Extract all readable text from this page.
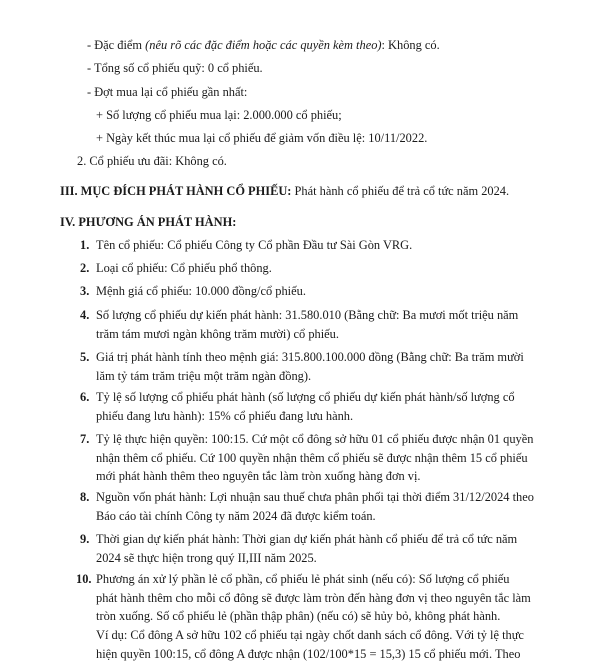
- Đặc điểm (nêu rõ các đặc điểm hoặc các quyền kèm theo): Không có.
- Tổng số cổ phiếu quỹ: 0 cổ phiếu.
- Đợt mua lại cổ phiếu gần nhất:
+ Số lượng cổ phiếu mua lại: 2.000.000 cổ phiếu;
+ Ngày kết thúc mua lại cổ phiếu để giảm vốn điều lệ: 10/11/2022.
2. Cổ phiếu ưu đãi: Không có.
III. MỤC ĐÍCH PHÁT HÀNH CỔ PHIẾU: Phát hành cổ phiếu để trả cổ tức năm 2024.
IV. PHƯƠNG ÁN PHÁT HÀNH:
1. Tên cổ phiếu: Cổ phiếu Công ty Cổ phần Đầu tư Sài Gòn VRG.
2. Loại cổ phiếu: Cổ phiếu phổ thông.
3. Mệnh giá cổ phiếu: 10.000 đồng/cổ phiếu.
4. Số lượng cổ phiếu dự kiến phát hành: 31.580.010 (Bằng chữ: Ba mươi mốt triệu năm
trăm tám mươi ngàn không trăm mười) cổ phiếu.
5. Giá trị phát hành tính theo mệnh giá: 315.800.100.000 đồng (Bằng chữ: Ba trăm mười
lăm tỷ tám trăm triệu một trăm ngàn đồng).
6. Tỷ lệ số lượng cổ phiếu phát hành (số lượng cổ phiếu dự kiến phát hành/số lượng cổ
phiếu đang lưu hành): 15% cổ phiếu đang lưu hành.
7. Tỷ lệ thực hiện quyền: 100:15. Cứ một cổ đông sở hữu 01 cổ phiếu được nhận 01 quyền
nhận thêm cổ phiếu. Cứ 100 quyền nhận thêm cổ phiếu sẽ được nhận thêm 15 cổ phiếu
mới phát hành thêm theo nguyên tắc làm tròn xuống hàng đơn vị.
8. Nguồn vốn phát hành: Lợi nhuận sau thuế chưa phân phối tại thời điểm 31/12/2024 theo
Báo cáo tài chính Công ty năm 2024 đã được kiểm toán.
9. Thời gian dự kiến phát hành: Thời gian dự kiến phát hành cổ phiếu để trả cổ tức năm
2024 sẽ thực hiện trong quý II,III năm 2025.
10. Phương án xử lý phần lẻ cổ phần, cổ phiếu lẻ phát sinh (nếu có): Số lượng cổ phiếu
phát hành thêm cho mỗi cổ đông sẽ được làm tròn đến hàng đơn vị theo nguyên tắc làm
tròn xuống. Số cổ phiếu lẻ (phần thập phân) (nếu có) sẽ hủy bỏ, không phát hành.
Ví dụ: Cổ đông A sở hữu 102 cổ phiếu tại ngày chốt danh sách cổ đông. Với tỷ lệ thực
hiện quyền 100:15, cổ đông A được nhận (102/100*15 = 15,3) 15 cổ phiếu mới. Theo
